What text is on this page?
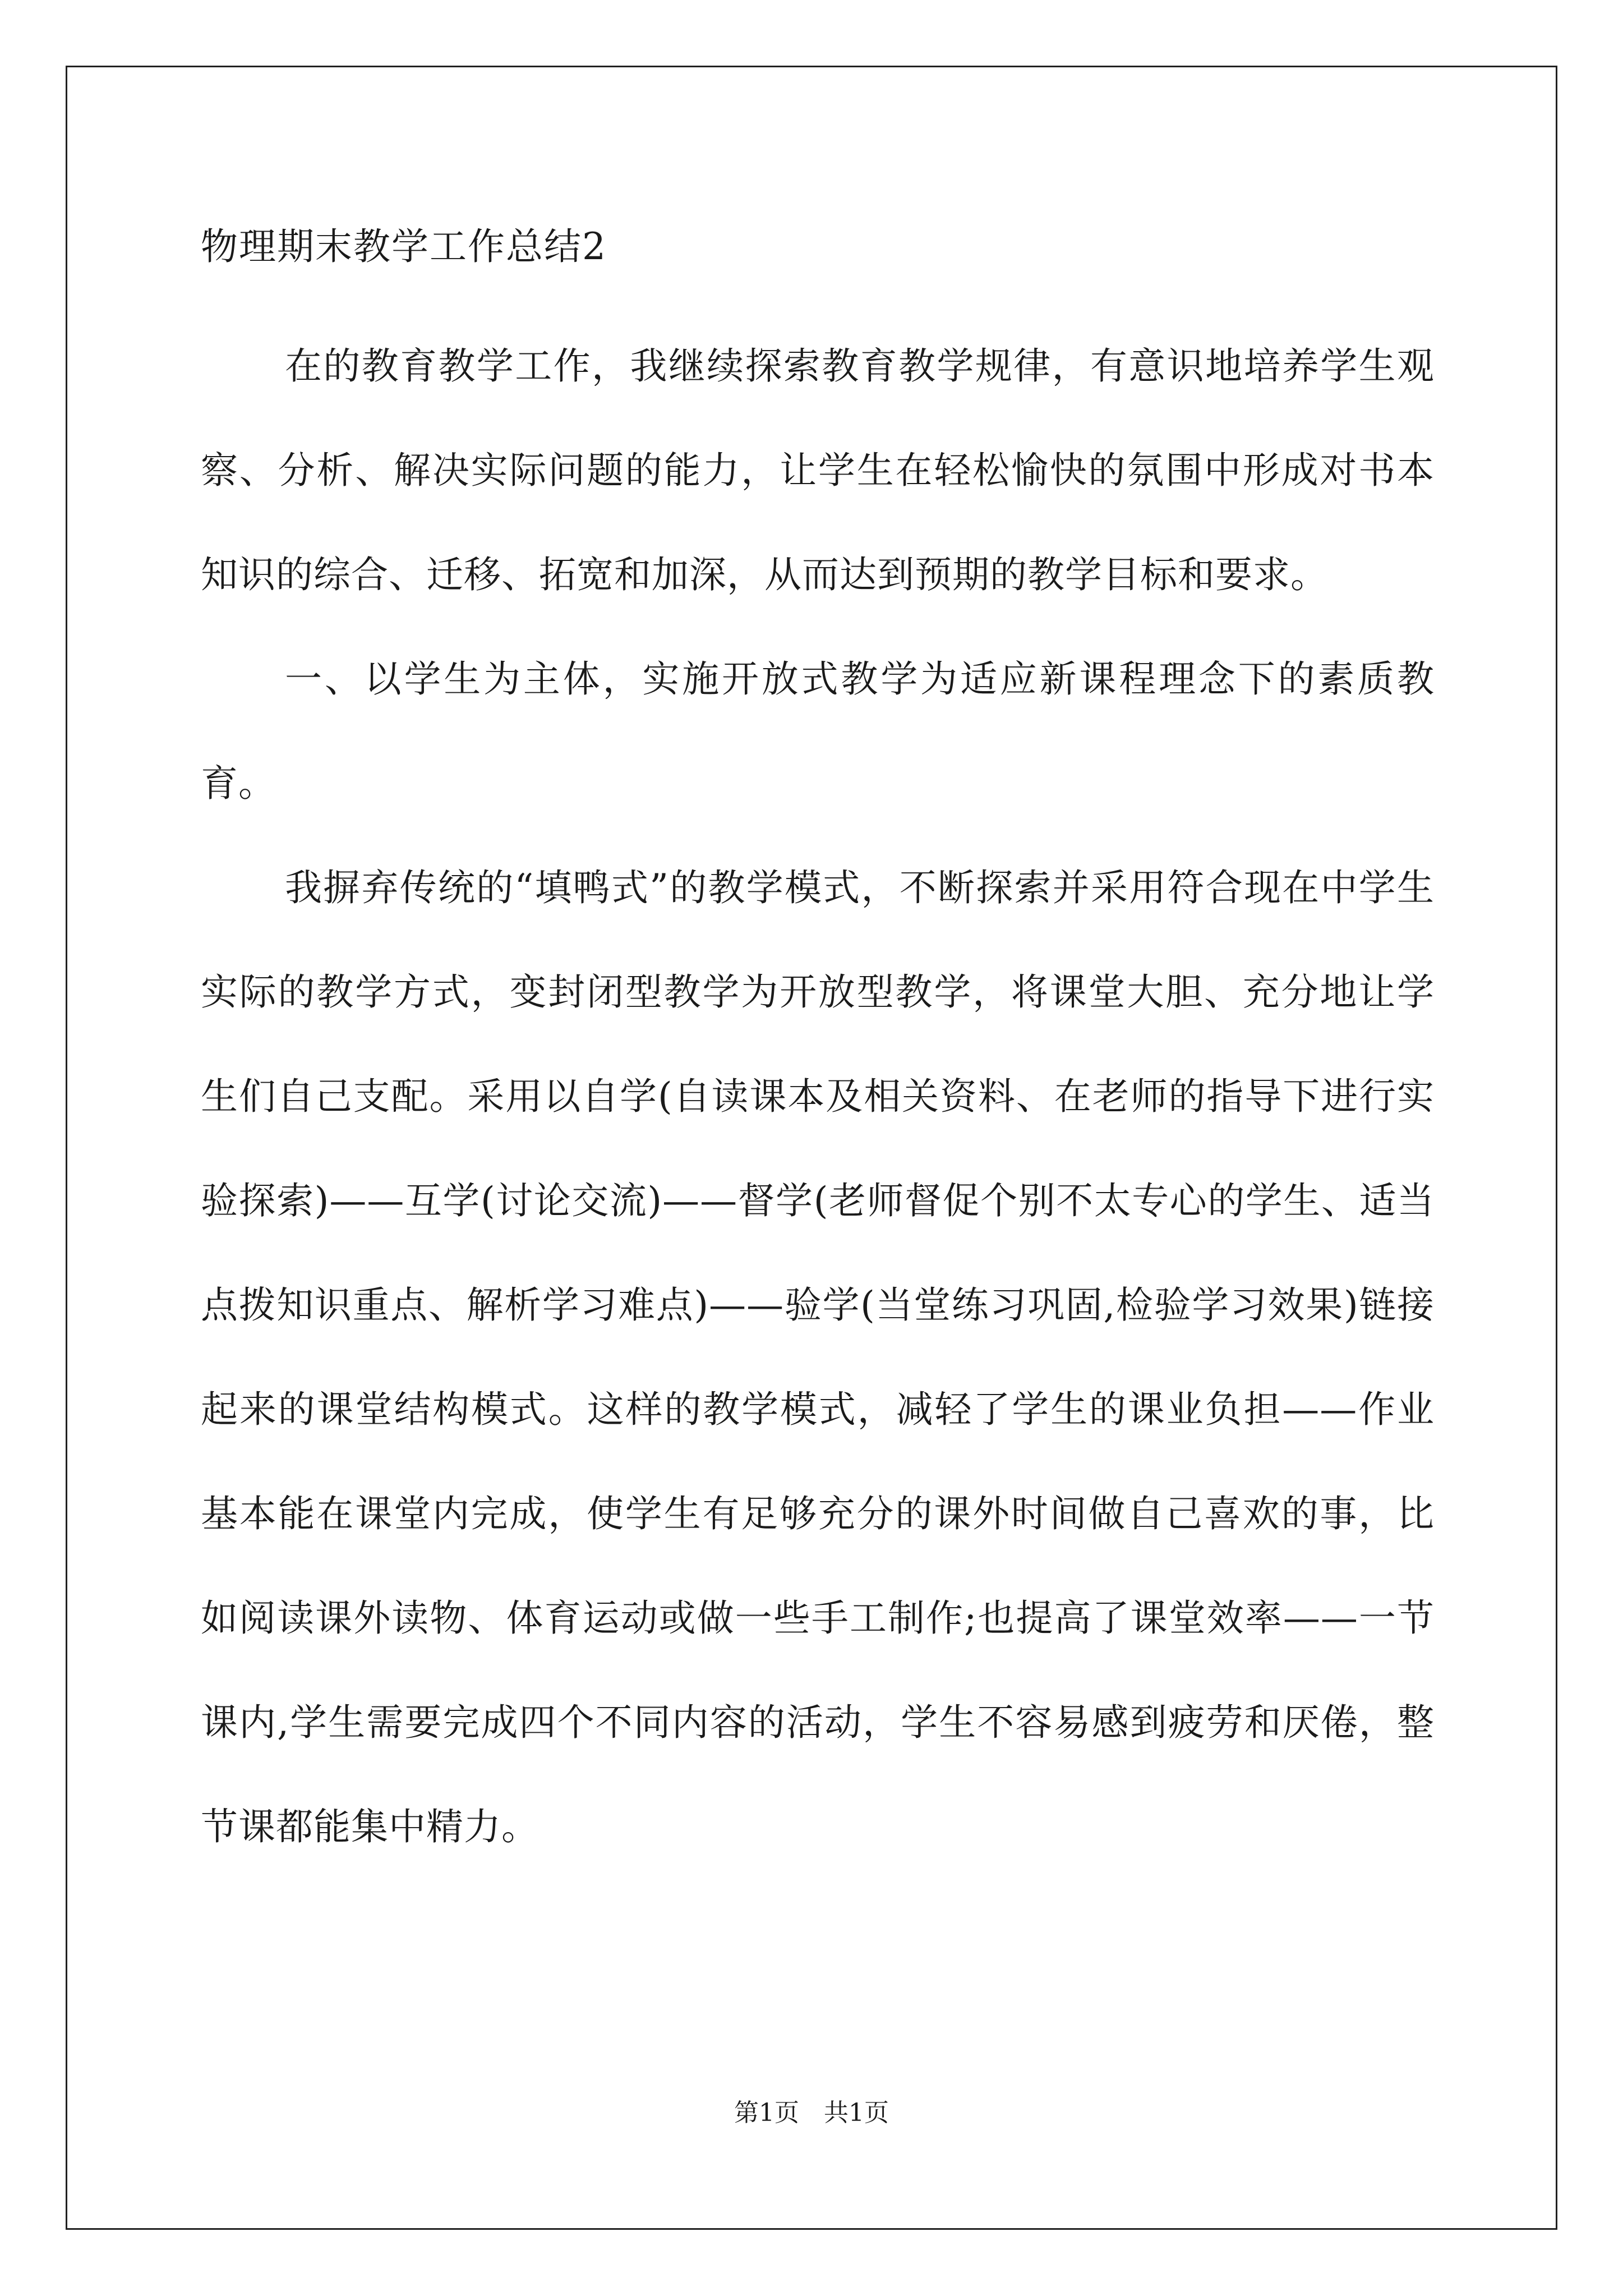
物理期末教学工作总结2

在的教育教学工作，我继续探索教育教学规律，有意识地培养学生观察、分析、解决实际问题的能力，让学生在轻松愉快的氛围中形成对书本知识的综合、迁移、拓宽和加深，从而达到预期的教学目标和要求。

一、以学生为主体，实施开放式教学为适应新课程理念下的素质教育。

我摒弃传统的“填鸭式”的教学模式，不断探索并采用符合现在中学生实际的教学方式，变封闭型教学为开放型教学，将课堂大胆、充分地让学生们自己支配。采用以自学(自读课本及相关资料、在老师的指导下进行实验探索)——互学(讨论交流)——督学(老师督促个别不太专心的学生、适当点拨知识重点、解析学习难点)——验学(当堂练习巩固,检验学习效果)链接起来的课堂结构模式。这样的教学模式，减轻了学生的课业负担——作业基本能在课堂内完成，使学生有足够充分的课外时间做自己喜欢的事，比如阅读课外读物、体育运动或做一些手工制作;也提高了课堂效率——一节课内,学生需要完成四个不同内容的活动，学生不容易感到疲劳和厌倦，整节课都能集中精力。

第1页　共1页
